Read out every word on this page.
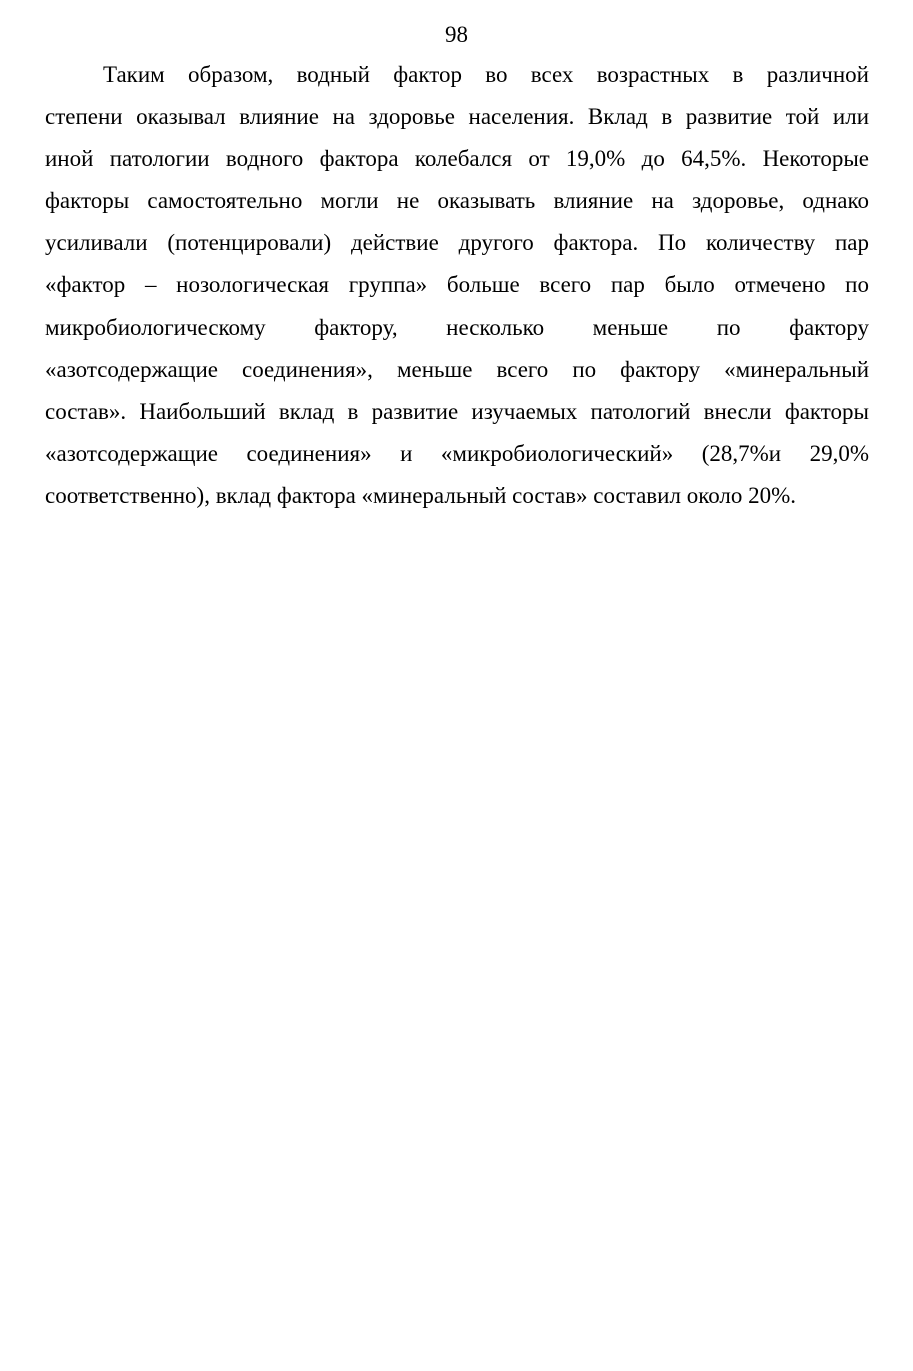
98
Таким образом, водный фактор во всех возрастных в различной
степени оказывал влияние на здоровье населения. Вклад в развитие той или
иной патологии водного фактора колебался от 19,0% до 64,5%. Некоторые
факторы самостоятельно могли не оказывать влияние на здоровье, однако
усиливали (потенцировали) действие другого фактора. По количеству пар
«фактор – нозологическая группа» больше всего пар было отмечено по
микробиологическому фактору, несколько меньше по фактору
«азотсодержащие соединения», меньше всего по фактору «минеральный
состав». Наибольший вклад в развитие изучаемых патологий внесли факторы
«азотсодержащие соединения» и «микробиологический» (28,7%и 29,0%
соответственно), вклад фактора «минеральный состав» составил около 20%.
